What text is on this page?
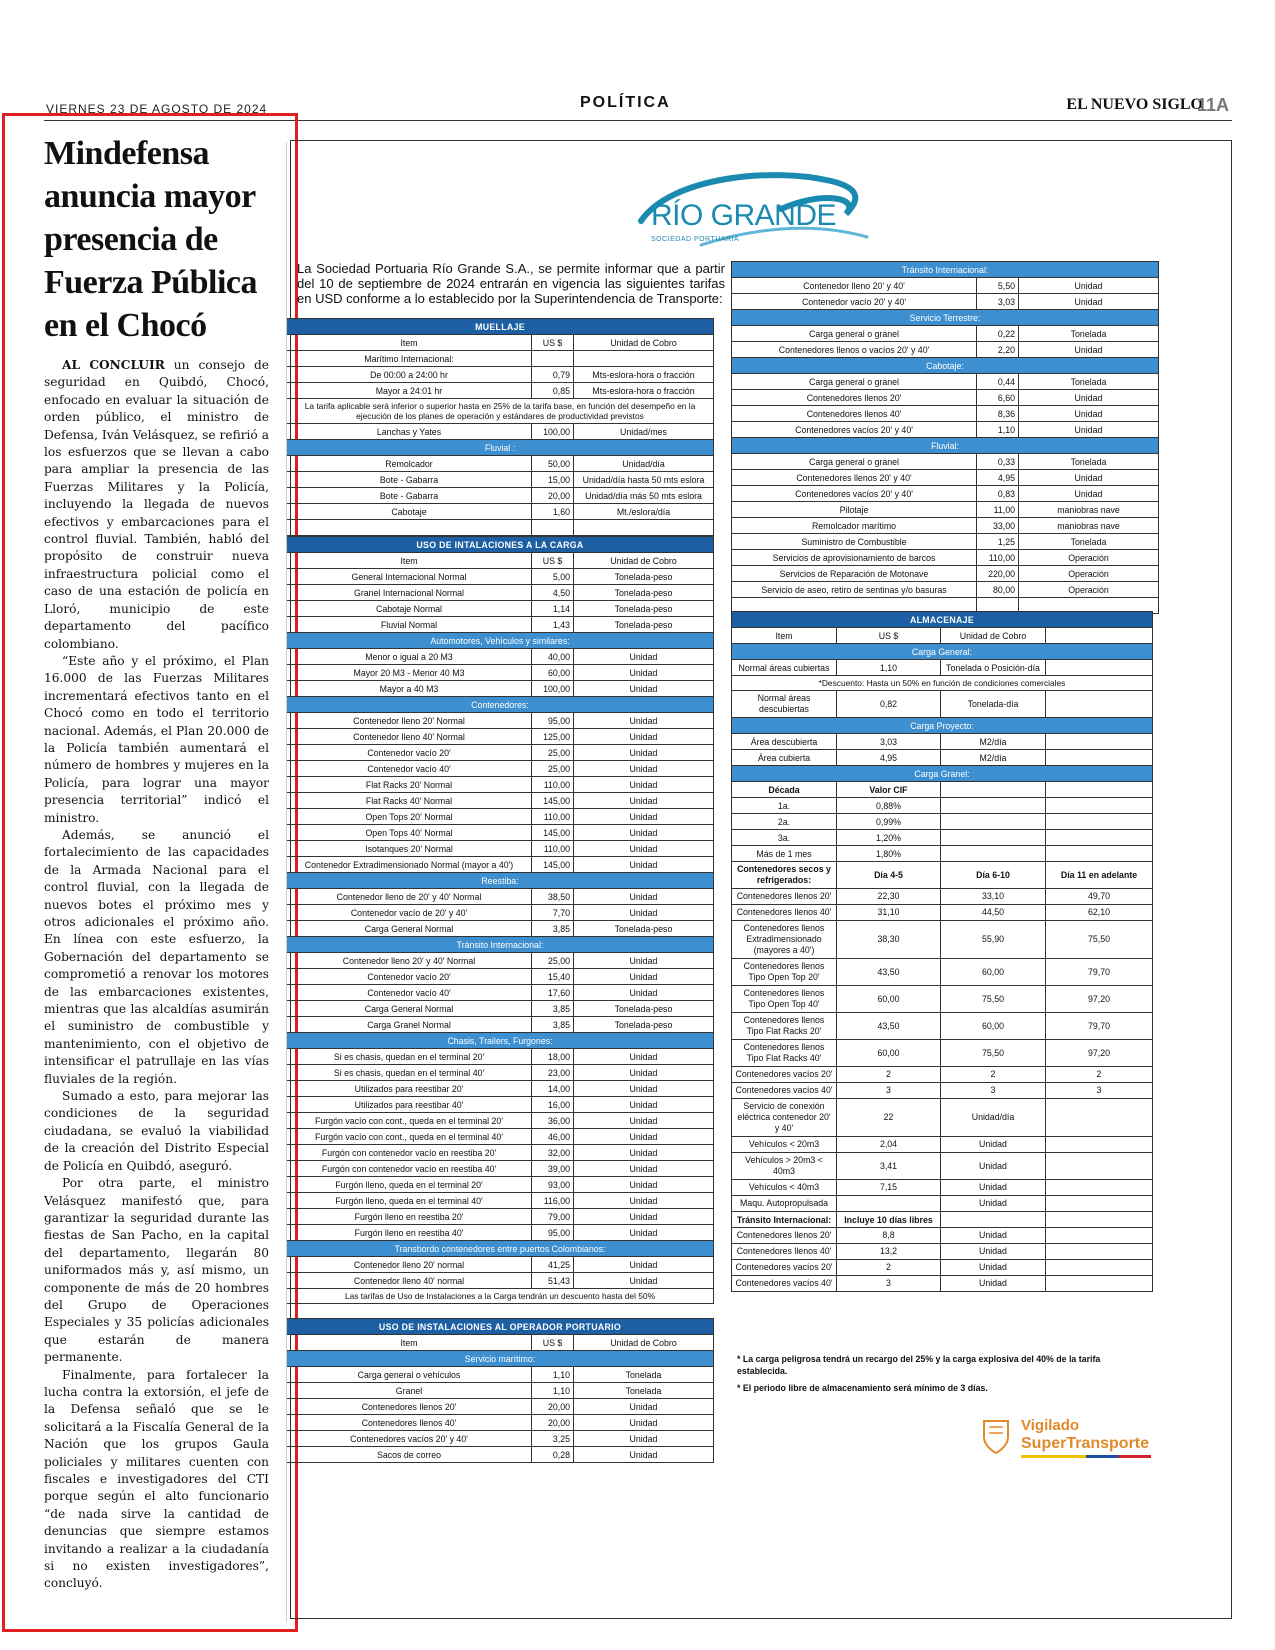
VIERNES 23 DE AGOSTO DE 2024	POLÍTICA	EL NUEVO SIGLO
11A
Mindefensa anuncia mayor presencia de Fuerza Pública en el Chocó

AL CONCLUIR un consejo de seguridad en Quibdó, Chocó, enfocado en evaluar la situación de orden público, el ministro de Defensa, Iván Velásquez, se refirió a los esfuerzos que se llevan a cabo para ampliar la presencia de las Fuerzas Militares y la Policía, incluyendo la llegada de nuevos efectivos y embarcaciones para el control fluvial. También, habló del propósito de construir nueva infraestructura policial como el caso de una estación de policía en Lloró, municipio de este departamento del pacífico colombiano.

“Este año y el próximo, el Plan 16.000 de las Fuerzas Militares incrementará efectivos tanto en el Chocó como en todo el territorio nacional. Además, el Plan 20.000 de la Policía también aumentará el número de hombres y mujeres en la Policía, para lograr una mayor presencia territorial” indicó el ministro.

Además, se anunció el fortalecimiento de las capacidades de la Armada Nacional para el control fluvial, con la llegada de nuevos botes el próximo mes y otros adicionales el próximo año. En línea con este esfuerzo, la Gobernación del departamento se comprometió a renovar los motores de las embarcaciones existentes, mientras que las alcaldías asumirán el suministro de combustible y mantenimiento, con el objetivo de intensificar el patrullaje en las vías fluviales de la región.

Sumado a esto, para mejorar las condiciones de la seguridad ciudadana, se evaluó la viabilidad de la creación del Distrito Especial de Policía en Quibdó, aseguró.

Por otra parte, el ministro Velásquez manifestó que, para garantizar la seguridad durante las fiestas de San Pacho, en la capital del departamento, llegarán 80 uniformados más y, así mismo, un componente de más de 20 hombres del Grupo de Operaciones Especiales y 35 policías adicionales que estarán de manera permanente.

Finalmente, para fortalecer la lucha contra la extorsión, el jefe de la Defensa señaló que se le solicitará a la Fiscalía General de la Nación que los grupos Gaula policiales y militares cuenten con fiscales e investigadores del CTI porque según el alto funcionario “de nada sirve la cantidad de denuncias que siempre estamos invitando a realizar a la ciudadanía si no existen investigadores”, concluyó.

RÍO GRANDE
SOCIEDAD PORTUARIA
La Sociedad Portuaria Río Grande S.A., se permite informar que a partir del 10 de septiembre de 2024 entrarán en vigencia las siguientes tarifas en USD conforme a lo establecido por la Superintendencia de Transporte:
MUELLAJE		
Item	US $	Unidad de Cobro
Marítimo Internacional:		
De 00:00 a 24:00 hr	0,79	Mts-eslora-hora o fracción
Mayor a 24:01 hr	0,85	Mts-eslora-hora o fracción
La tarifa aplicable será inferior o superior hasta en 25% de la tarifa base, en función del desempeño en la ejecución de los planes de operación y estándares de productividad previstos		
Lanchas y Yates	100,00	Unidad/mes
Fluvial :		
Remolcador	50,00	Unidad/día
Bote - Gabarra	15,00	Unidad/día hasta 50 mts eslora
Bote - Gabarra	20,00	Unidad/día más 50 mts eslora
Cabotaje	1,60	Mt./eslora/día

USO DE INTALACIONES A LA CARGA		
Item	US $	Unidad de Cobro
General Internacional Normal	5,00	Tonelada-peso
Granel Internacional Normal	4,50	Tonelada-peso
Cabotaje Normal	1,14	Tonelada-peso
Fluvial Normal	1,43	Tonelada-peso
Automotores, Vehículos y similares:		
Menor o igual a 20 M3	40,00	Unidad
Mayor 20 M3 - Menor 40 M3	60,00	Unidad
Mayor a 40 M3	100,00	Unidad
Contenedores:		
Contenedor lleno 20' Normal	95,00	Unidad
Contenedor lleno 40' Normal	125,00	Unidad
Contenedor vacío 20'	25,00	Unidad
Contenedor vacío 40'	25,00	Unidad
Flat Racks 20' Normal	110,00	Unidad
Flat Racks 40' Normal	145,00	Unidad
Open Tops 20' Normal	110,00	Unidad
Open Tops 40' Normal	145,00	Unidad
Isotanques 20' Normal	110,00	Unidad
Contenedor Extradimensionado Normal (mayor a 40')	145,00	Unidad
Reestiba:		
Contenedor lleno de 20' y 40' Normal	38,50	Unidad
Contenedor vacío de 20' y 40'	7,70	Unidad
Carga General Normal	3,85	Tonelada-peso
Tránsito Internacional:		
Contenedor lleno 20' y 40' Normal	25,00	Unidad
Contenedor vacío 20'	15,40	Unidad
Contenedor vacío 40'	17,60	Unidad
Carga General Normal	3,85	Tonelada-peso
Carga Granel Normal	3,85	Tonelada-peso
Chasis, Trailers, Furgones:		
Si es chasis, quedan en el terminal 20'	18,00	Unidad
Si es chasis, quedan en el terminal 40'	23,00	Unidad
Utilizados para reestibar 20'	14,00	Unidad
Utilizados para reestibar 40'	16,00	Unidad
Furgón vacío con cont., queda en el terminal 20'	36,00	Unidad
Furgón vacío con cont., queda en el terminal 40'	46,00	Unidad
Furgón con contenedor vacío en reestiba 20'	32,00	Unidad
Furgón con contenedor vacío en reestiba 40'	39,00	Unidad
Furgón lleno, queda en el terminal 20'	93,00	Unidad
Furgón lleno, queda en el terminal 40'	116,00	Unidad
Furgón lleno en reestiba 20'	79,00	Unidad
Furgón lleno en reestiba 40'	95,00	Unidad
Transbordo contenedores entre puertos Colombianos:		
Contenedor lleno 20' normal	41,25	Unidad
Contenedor lleno 40' normal	51,43	Unidad
Las tarifas de Uso de Instalaciones a la Carga tendrán un descuento hasta del 50%		
USO DE INSTALACIONES AL OPERADOR PORTUARIO		
Item	US $	Unidad de Cobro
Servicio marítimo:		
Carga general o vehículos	1,10	Tonelada
Granel	1,10	Tonelada
Contenedores llenos 20'	20,00	Unidad
Contenedores llenos 40'	20,00	Unidad
Contenedores vacíos 20' y 40'	3,25	Unidad
Sacos de correo	0,28	Unidad
Tránsito Internacional:		
Contenedor lleno 20' y 40'	5,50	Unidad
Contenedor vacío 20' y 40'	3,03	Unidad
Servicio Terrestre:		
Carga general o granel	0,22	Tonelada
Contenedores llenos o vacíos 20' y 40'	2,20	Unidad
Cabotaje:		
Carga general o granel	0,44	Tonelada
Contenedores llenos 20'	6,60	Unidad
Contenedores llenos 40'	8,36	Unidad
Contenedores vacíos 20' y 40'	1,10	Unidad
Fluvial:		
Carga general o granel	0,33	Tonelada
Contenedores llenos 20' y 40'	4,95	Unidad
Contenedores vacíos 20' y 40'	0,83	Unidad
Pilotaje	11,00	maniobras nave
Remolcador marítimo	33,00	maniobras nave
Suministro de Combustible	1,25	Tonelada
Servicios de aprovisionamiento de barcos	110,00	Operación
Servicios de Reparación de Motonave	220,00	Operación
Servicio de aseo, retiro de sentinas y/o basuras	80,00	Operación

ALMACENAJE			
Item	US $	Unidad de Cobro	
Carga General:			
Normal áreas cubiertas	1,10	Tonelada o Posición-día	
*Descuento: Hasta un 50% en función de condiciones comerciales			
Normal áreas descubiertas	0,82	Tonelada-día	
Carga Proyecto:			
Área descubierta	3,03	M2/día	
Área cubierta	4,95	M2/día	
Carga Granel:			
Década	Valor CIF		
1a.	0,88%		
2a.	0,99%		
3a.	1,20%		
Más de 1 mes	1,80%		
Contenedores secos y refrigerados:	Día 4-5	Día 6-10	Día 11 en adelante
Contenedores llenos 20'	22,30	33,10	49,70
Contenedores llenos 40'	31,10	44,50	62,10
Contenedores llenos Extradimensionado (mayores a 40')	38,30	55,90	75,50
Contenedores llenos Tipo Open Top 20'	43,50	60,00	79,70
Contenedores llenos Tipo Open Top 40'	60,00	75,50	97,20
Contenedores llenos Tipo Flat Racks 20'	43,50	60,00	79,70
Contenedores llenos Tipo Flat Racks 40'	60,00	75,50	97,20
Contenedores vacíos 20'	2	2	2
Contenedores vacíos 40'	3	3	3
Servicio de conexión eléctrica contenedor 20' y 40'	22	Unidad/día	
Vehículos < 20m3	2,04	Unidad	
Vehículos > 20m3 < 40m3	3,41	Unidad	
Vehículos < 40m3	7,15	Unidad	
Maqu. Autopropulsada		Unidad	
Tránsito Internacional:	Incluye 10 días libres		
Contenedores llenos 20'	8,8	Unidad	
Contenedores llenos 40'	13,2	Unidad	
Contenedores vacíos 20'	2	Unidad	
Contenedores vacíos 40'	3	Unidad	

* La carga peligrosa tendrá un recargo del 25% y la carga explosiva del 40% de la tarifa establecida.

* El periodo libre de almacenamiento será mínimo de 3 días.

Vigilado
SuperTransporte
